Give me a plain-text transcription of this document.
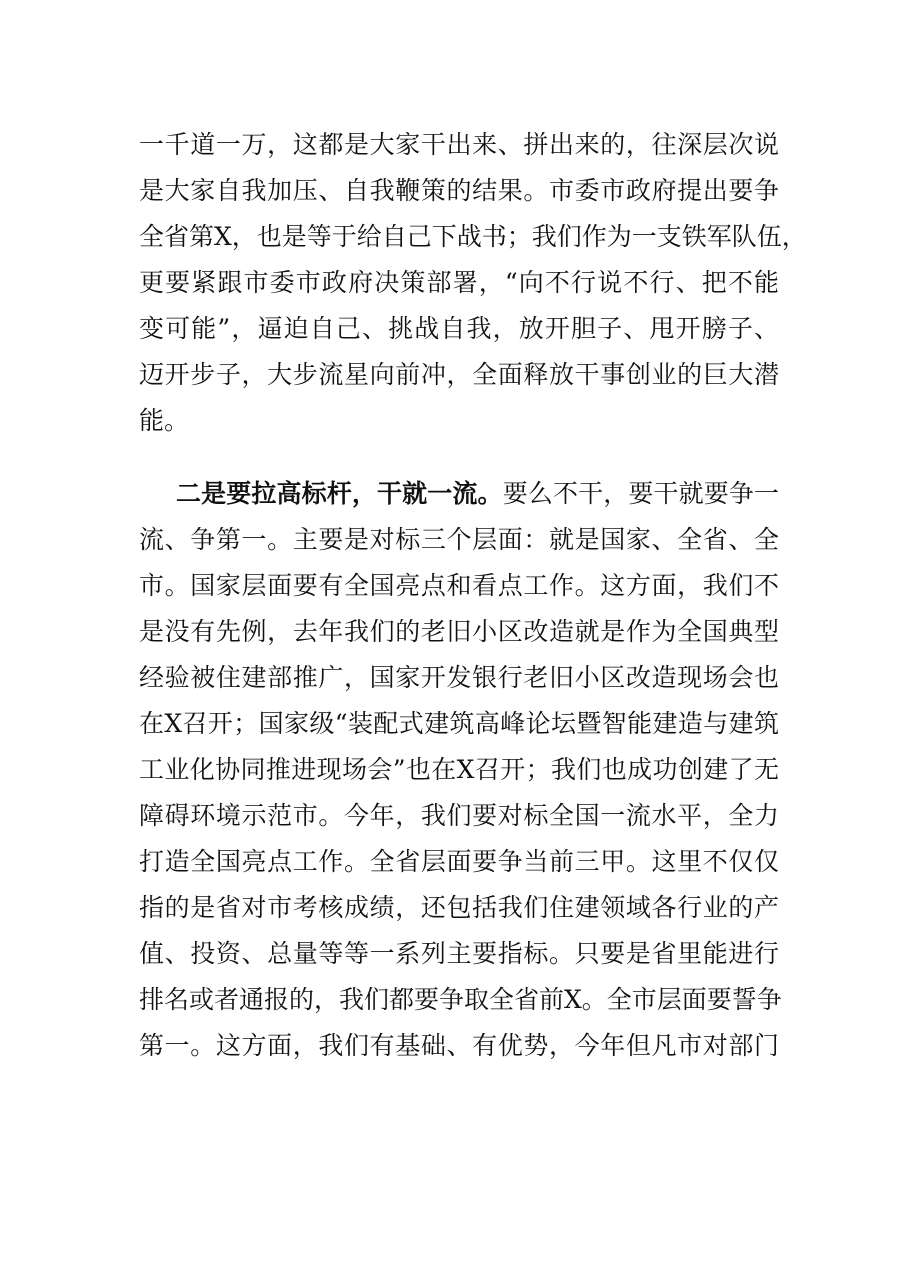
一千道一万，这都是大家干出来、拼出来的，往深层次说
是大家自我加压、自我鞭策的结果。市委市政府提出要争
全省第X，也是等于给自己下战书；我们作为一支铁军队伍，
更要紧跟市委市政府决策部署，“向不行说不行、把不能
变可能”，逼迫自己、挑战自我，放开胆子、甩开膀子、
迈开步子，大步流星向前冲，全面释放干事创业的巨大潜
能。
二是要拉高标杆，干就一流。要么不干，要干就要争一
流、争第一。主要是对标三个层面：就是国家、全省、全
市。国家层面要有全国亮点和看点工作。这方面，我们不
是没有先例，去年我们的老旧小区改造就是作为全国典型
经验被住建部推广，国家开发银行老旧小区改造现场会也
在X召开；国家级“装配式建筑高峰论坛暨智能建造与建筑
工业化协同推进现场会”也在X召开；我们也成功创建了无
障碍环境示范市。今年，我们要对标全国一流水平，全力
打造全国亮点工作。全省层面要争当前三甲。这里不仅仅
指的是省对市考核成绩，还包括我们住建领域各行业的产
值、投资、总量等等一系列主要指标。只要是省里能进行
排名或者通报的，我们都要争取全省前X。全市层面要誓争
第一。这方面，我们有基础、有优势，今年但凡市对部门
